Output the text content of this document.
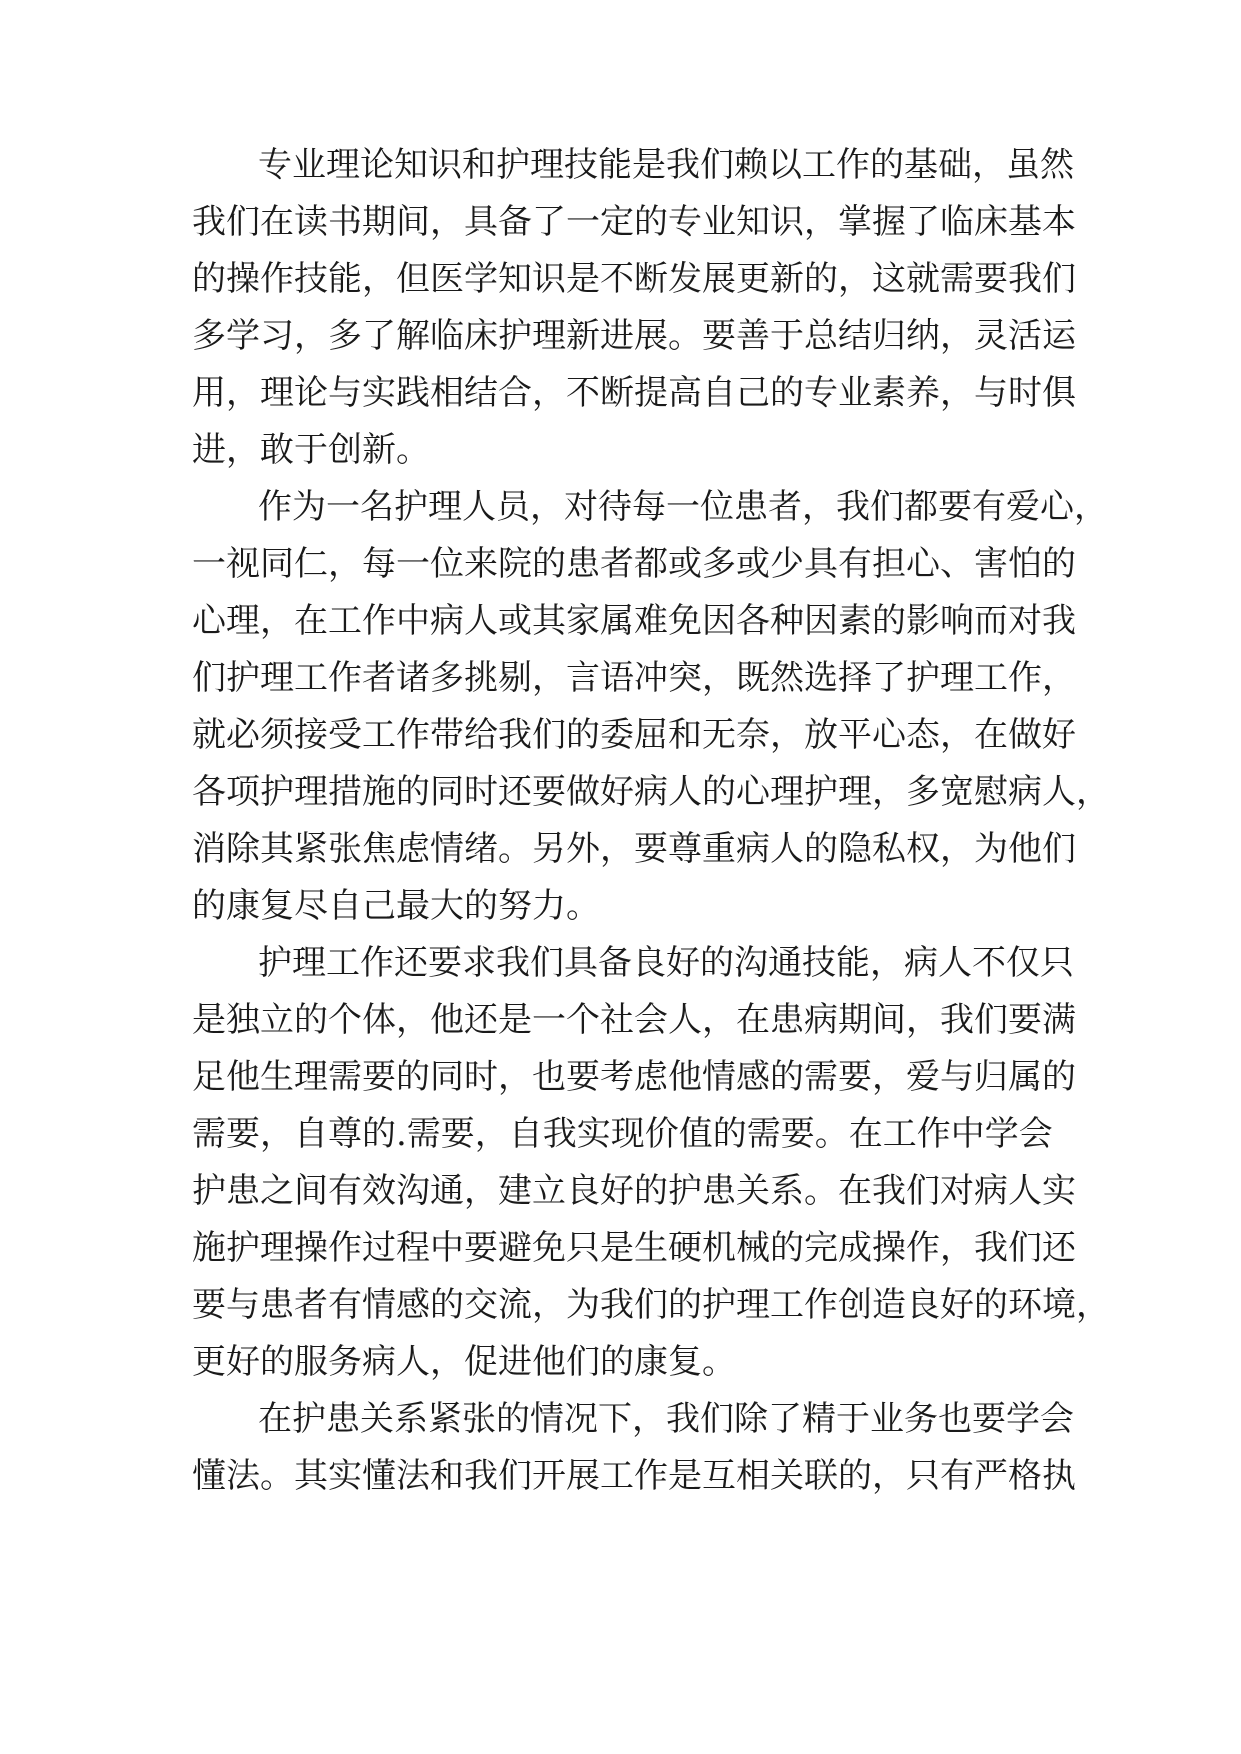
专业理论知识和护理技能是我们赖以工作的基础，虽然

我们在读书期间，具备了一定的专业知识，掌握了临床基本

的操作技能，但医学知识是不断发展更新的，这就需要我们

多学习，多了解临床护理新进展。要善于总结归纳，灵活运

用，理论与实践相结合，不断提高自己的专业素养，与时俱

进，敢于创新。

作为一名护理人员，对待每一位患者，我们都要有爱心，

一视同仁，每一位来院的患者都或多或少具有担心、害怕的

心理，在工作中病人或其家属难免因各种因素的影响而对我

们护理工作者诸多挑剔，言语冲突，既然选择了护理工作，

就必须接受工作带给我们的委屈和无奈，放平心态，在做好

各项护理措施的同时还要做好病人的心理护理，多宽慰病人，

消除其紧张焦虑情绪。另外，要尊重病人的隐私权，为他们

的康复尽自己最大的努力。

护理工作还要求我们具备良好的沟通技能，病人不仅只

是独立的个体，他还是一个社会人，在患病期间，我们要满

足他生理需要的同时，也要考虑他情感的需要，爱与归属的

需要，自尊的.需要，自我实现价值的需要。在工作中学会

护患之间有效沟通，建立良好的护患关系。在我们对病人实

施护理操作过程中要避免只是生硬机械的完成操作，我们还

要与患者有情感的交流，为我们的护理工作创造良好的环境，

更好的服务病人，促进他们的康复。

在护患关系紧张的情况下，我们除了精于业务也要学会

懂法。其实懂法和我们开展工作是互相关联的，只有严格执
